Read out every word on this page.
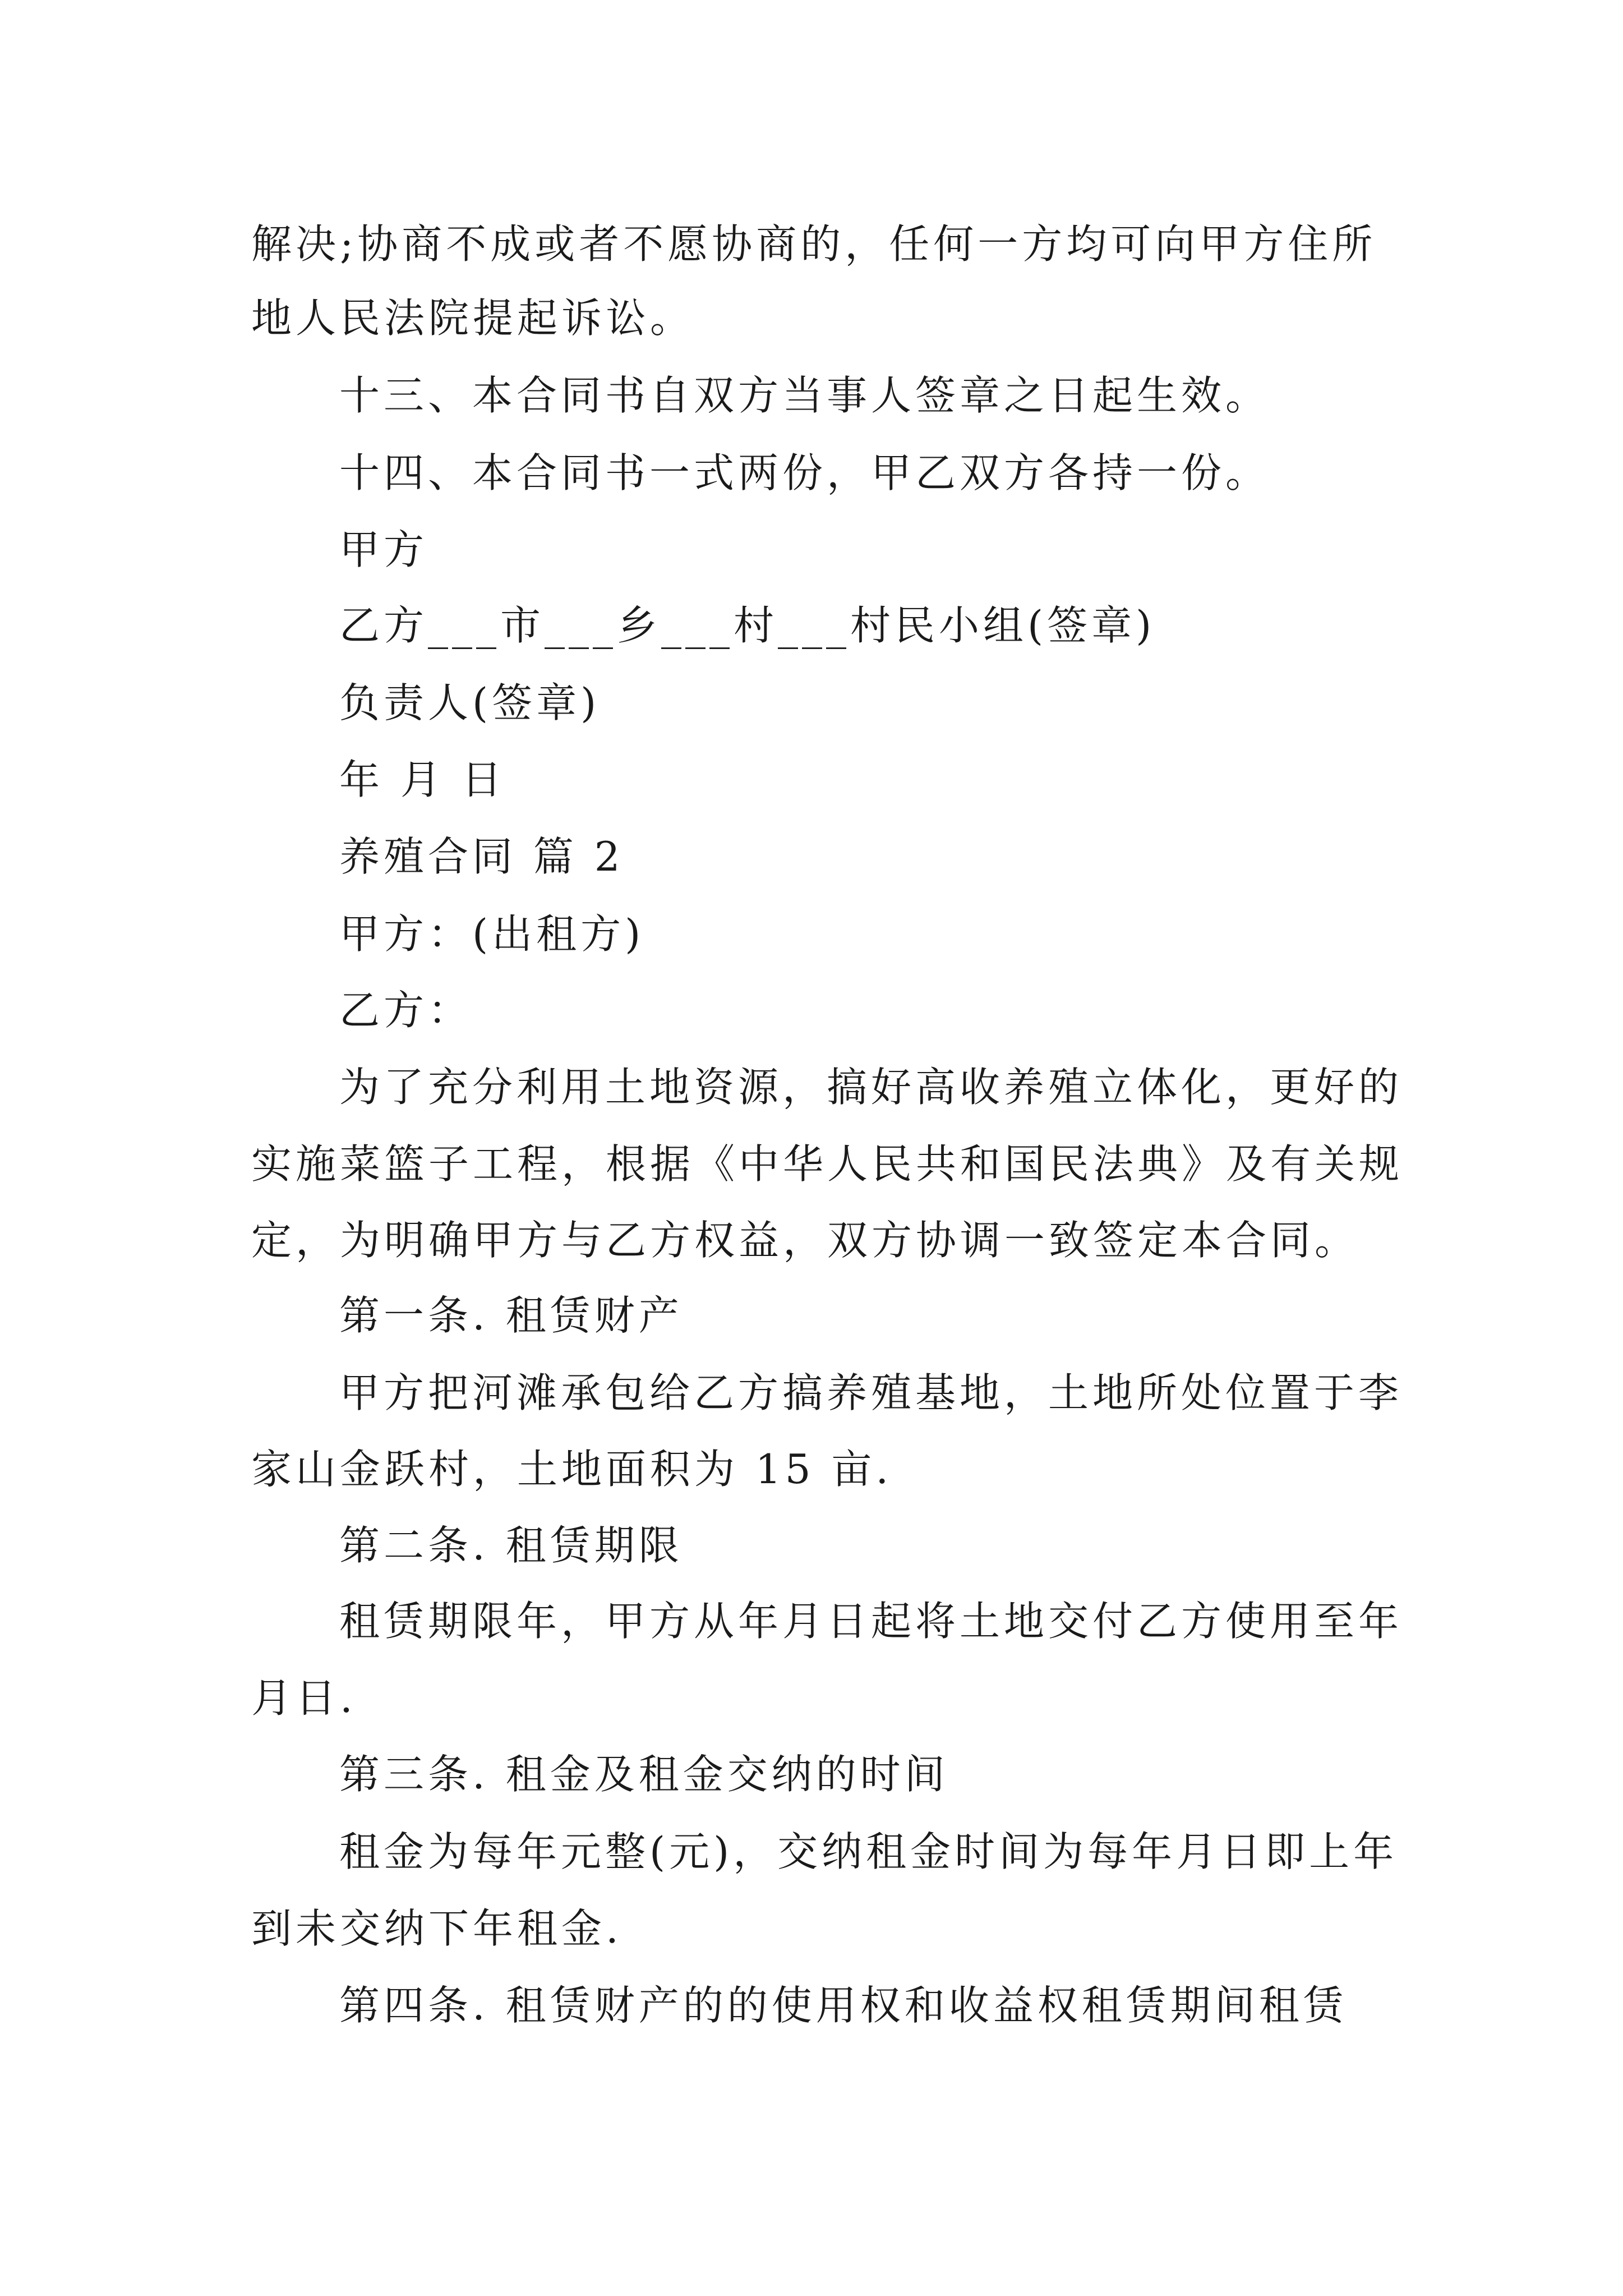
解决;协商不成或者不愿协商的，任何一方均可向甲方住所

地人民法院提起诉讼。

十三、本合同书自双方当事人签章之日起生效。

十四、本合同书一式两份，甲乙双方各持一份。

甲方

乙方___市___乡___村___村民小组(签章)

负责人(签章)

年 月 日

养殖合同 篇 2

甲方：(出租方)

乙方：

为了充分利用土地资源，搞好高收养殖立体化，更好的

实施菜篮子工程，根据《中华人民共和国民法典》及有关规

定，为明确甲方与乙方权益，双方协调一致签定本合同。

第一条. 租赁财产

甲方把河滩承包给乙方搞养殖基地，土地所处位置于李

家山金跃村，土地面积为 15 亩.

第二条. 租赁期限

租赁期限年，甲方从年月日起将土地交付乙方使用至年

月日.

第三条. 租金及租金交纳的时间

租金为每年元整(元)，交纳租金时间为每年月日即上年

到未交纳下年租金.

第四条. 租赁财产的的使用权和收益权租赁期间租赁
